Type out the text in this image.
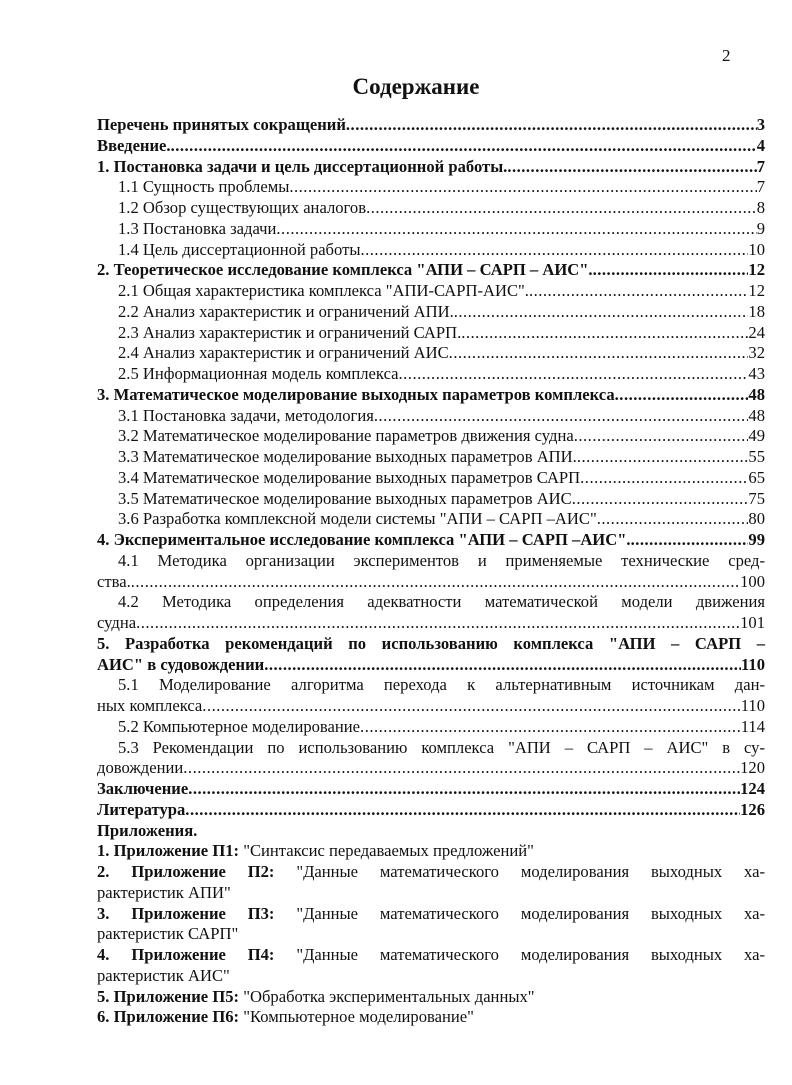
2
Содержание
Перечень принятых сокращений .....	3
Введение. .....	4
1. Постановка задачи и цель диссертационной работы. .....	7
1.1 Сущность проблемы .....	7
1.2 Обзор существующих аналогов .....	8
1.3 Постановка задачи .....	9
1.4 Цель диссертационной работы .....	10
2. Теоретическое исследование комплекса "АПИ – САРП – АИС". .....	12
2.1 Общая характеристика комплекса "АПИ-САРП-АИС". .....	12
2.2 Анализ характеристик и ограничений АПИ. .....	18
2.3 Анализ характеристик и ограничений САРП. .....	24
2.4 Анализ характеристик и ограничений АИС .....	32
2.5 Информационная модель комплекса .....	43
3. Математическое моделирование выходных параметров комплекса .....	48
3.1 Постановка задачи, методология .....	48
3.2 Математическое моделирование параметров движения судна .....	49
3.3 Математическое моделирование выходных параметров АПИ. .....	55
3.4 Математическое моделирование выходных параметров САРП .....	65
3.5 Математическое моделирование выходных параметров АИС .....	75
3.6 Разработка комплексной модели системы "АПИ – САРП –АИС" .....	80
4. Экспериментальное исследование комплекса "АПИ – САРП –АИС". .....	99
4.1 Методика организации экспериментов и применяемые технические сред-
ства. .....	100
4.2 Методика определения адекватности математической модели движения
судна .....	101
5. Разработка рекомендаций по использованию комплекса "АПИ – САРП –
АИС" в судовождении .....	110
5.1 Моделирование алгоритма перехода к альтернативным источникам дан-
ных комплекса .....	110
5.2 Компьютерное моделирование .....	114
5.3 Рекомендации по использованию комплекса "АПИ – САРП – АИС" в су-
довождении .....	120
Заключение .....	124
Литература .....	126
Приложения.
1. Приложение П1: "Синтаксис передаваемых предложений"
2. Приложение П2: "Данные математического моделирования выходных ха-
рактеристик АПИ"
3. Приложение П3: "Данные математического моделирования выходных ха-
рактеристик САРП"
4. Приложение П4: "Данные математического моделирования выходных ха-
рактеристик АИС"
5. Приложение П5: "Обработка экспериментальных данных"
6. Приложение П6: "Компьютерное моделирование"
